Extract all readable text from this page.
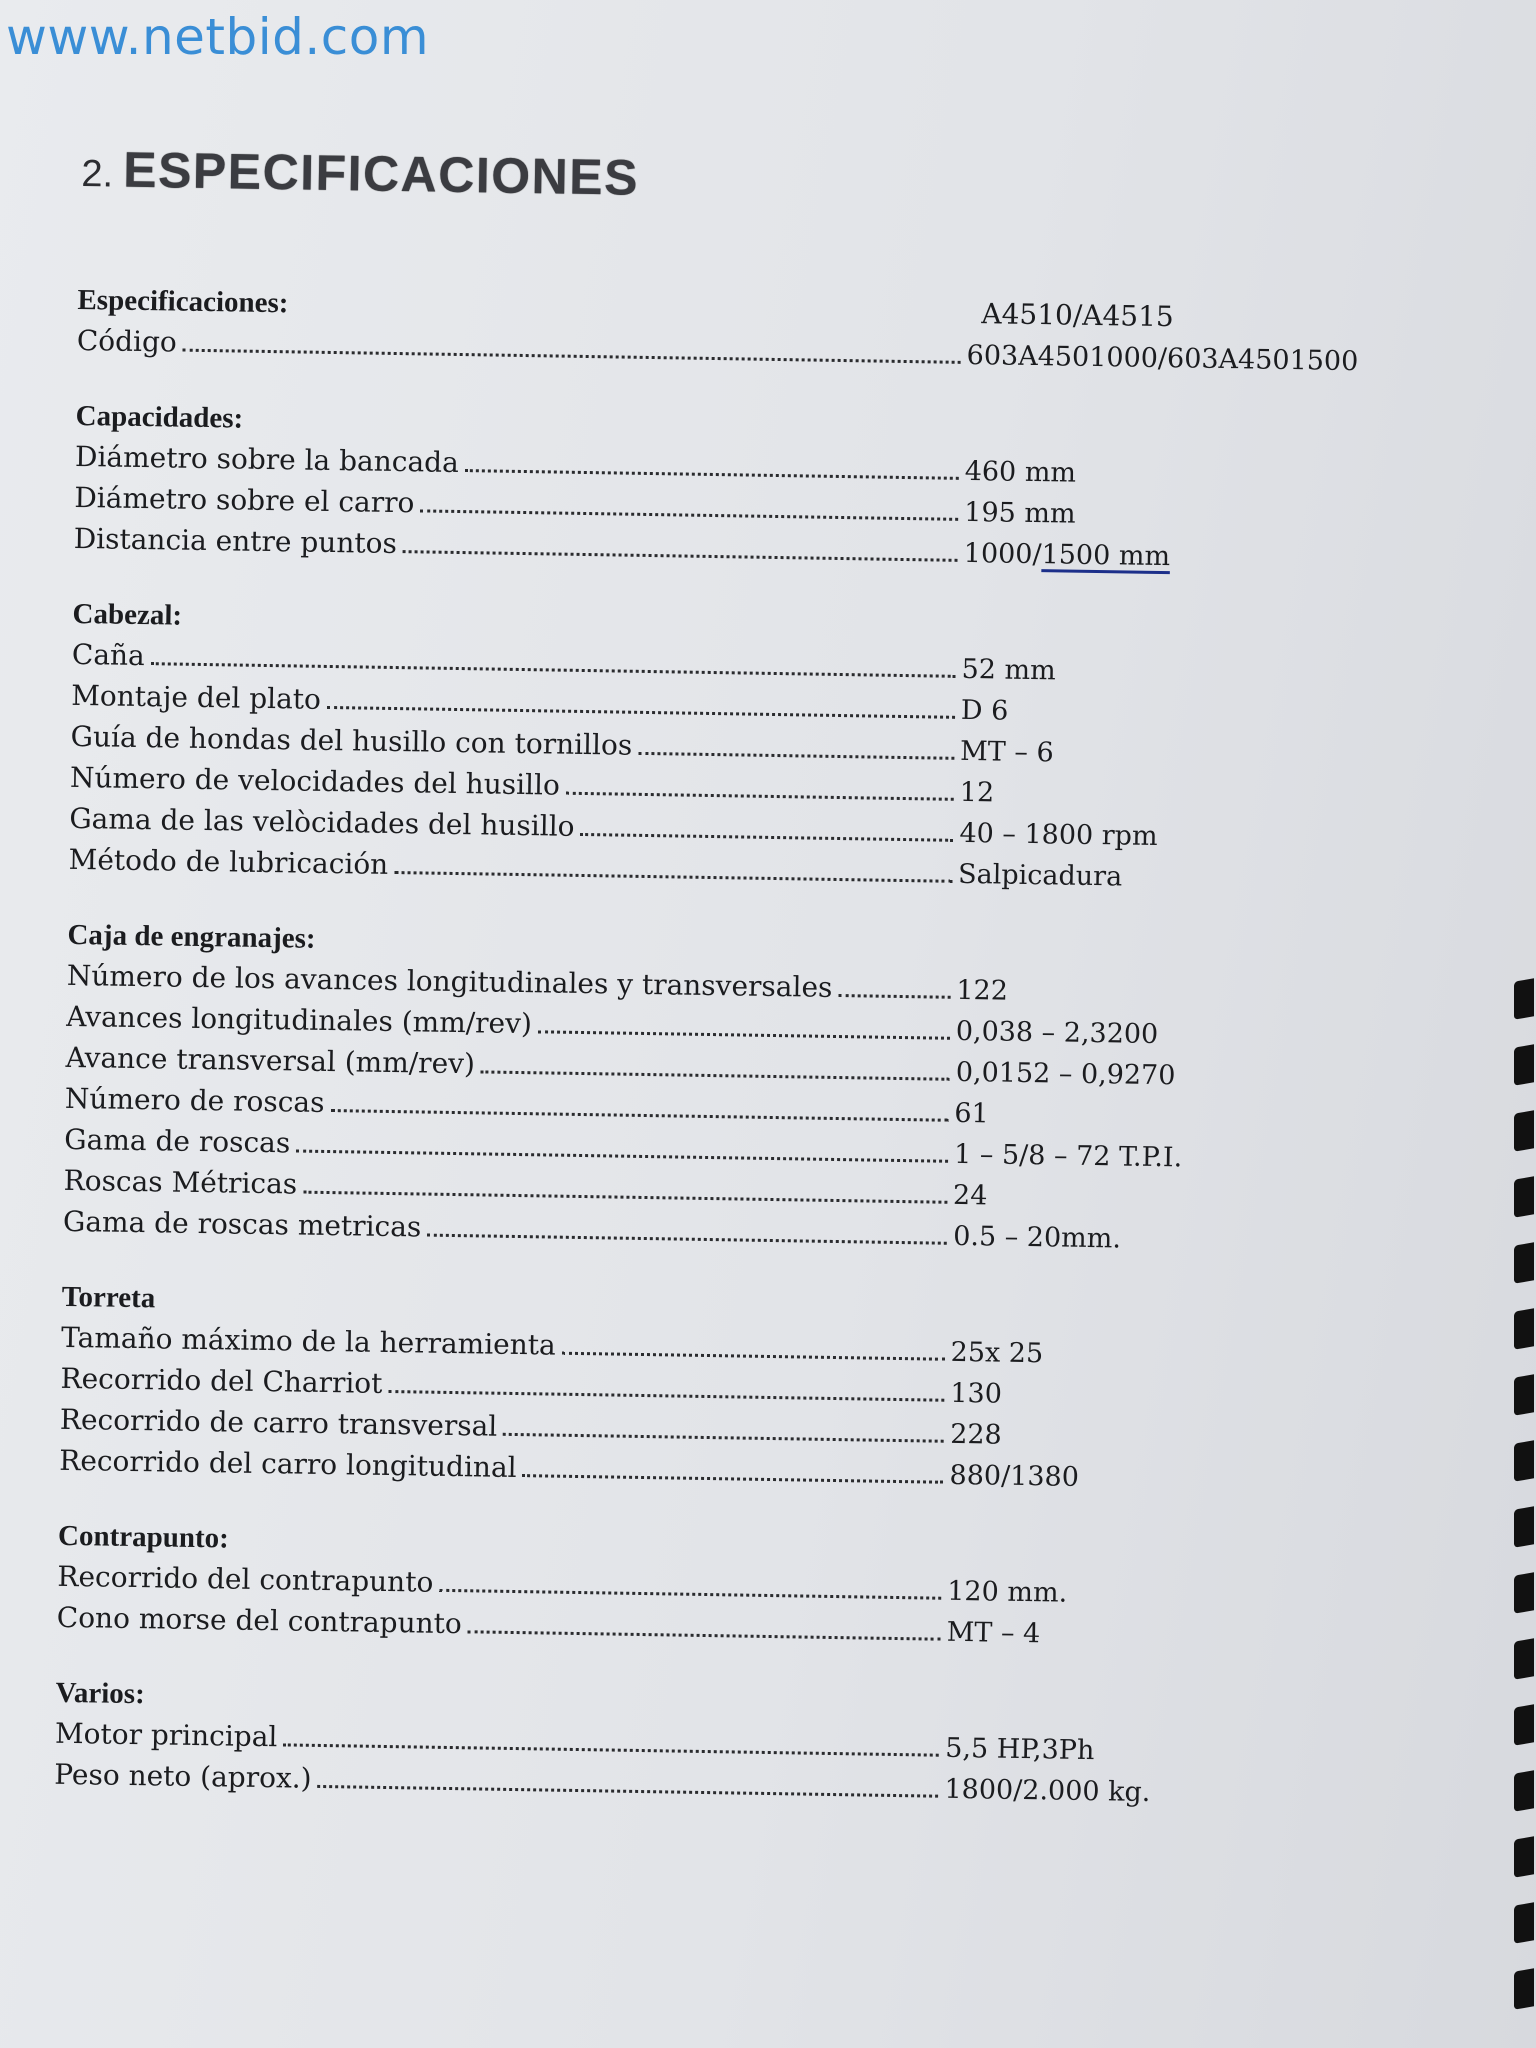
www.netbid.com
2. ESPECIFICACIONES
Especificaciones:	A4510/A4515
Código	603A4501000/603A4501500
Capacidades:
Diámetro sobre la bancada	460 mm
Diámetro sobre el carro	195 mm
Distancia entre puntos	1000/1500 mm
Cabezal:
Caña	52 mm
Montaje del plato	D 6
Guía de hondas del husillo con tornillos	MT – 6
Número de velocidades del husillo	12
Gama de las velòcidades del husillo	40 – 1800 rpm
Método de lubricación	Salpicadura
Caja de engranajes:
Número de los avances longitudinales y transversales	122
Avances longitudinales (mm/rev)	0,038 – 2,3200
Avance transversal (mm/rev)	0,0152 – 0,9270
Número de roscas	61
Gama de roscas	1 – 5/8 – 72 T.P.I.
Roscas Métricas	24
Gama de roscas metricas	0.5 – 20mm.
Torreta
Tamaño máximo de la herramienta	25x 25
Recorrido del Charriot	130
Recorrido de carro transversal	228
Recorrido del carro longitudinal	880/1380
Contrapunto:
Recorrido del contrapunto	120 mm.
Cono morse del contrapunto	MT – 4
Varios:
Motor principal	5,5 HP,3Ph
Peso neto (aprox.)	1800/2.000 kg.
